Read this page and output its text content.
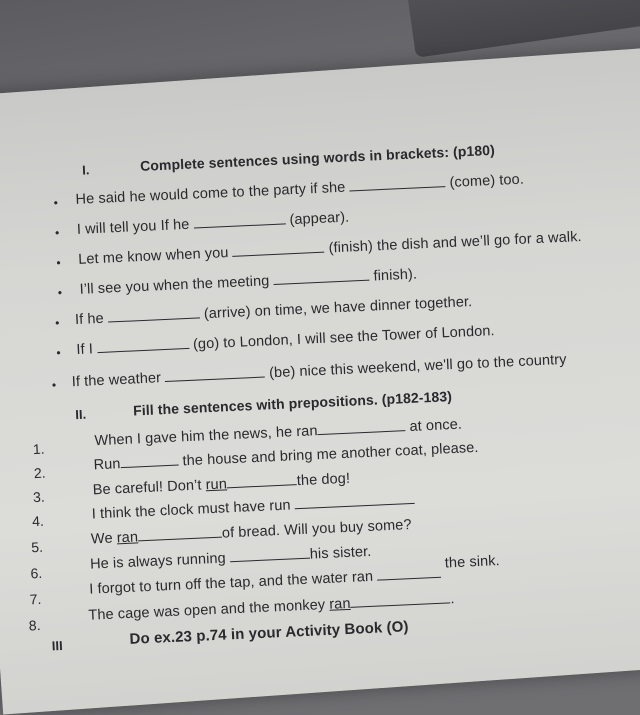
I.	Complete sentences using words in brackets: (p180)
• He said he would come to the party if she	(come) too.
• I will tell you If he	(appear).
• Let me know when you	(finish) the dish and we’ll go for a walk.
• I’ll see you when the meeting	finish).
• If he	(arrive) on time, we have dinner together.
• If I	(go) to London, I will see the Tower of London.
• If the weather	(be) nice this weekend, we'll go to the country
II.	Fill the sentences with prepositions. (p182-183)
1.	When I gave him the news, he ran	at once.
2.	Run	the house and bring me another coat, please.
3.	Be careful! Don’t run	the dog!
4.	I think the clock must have run
5.	We ran	of bread. Will you buy some?
6.
He is always running	his sister.
7.
I forgot to turn off the tap, and the water ran  the sink.
8.
The cage was open and the monkey ran	.
III	Do ex.23 p.74 in your Activity Book (O)
